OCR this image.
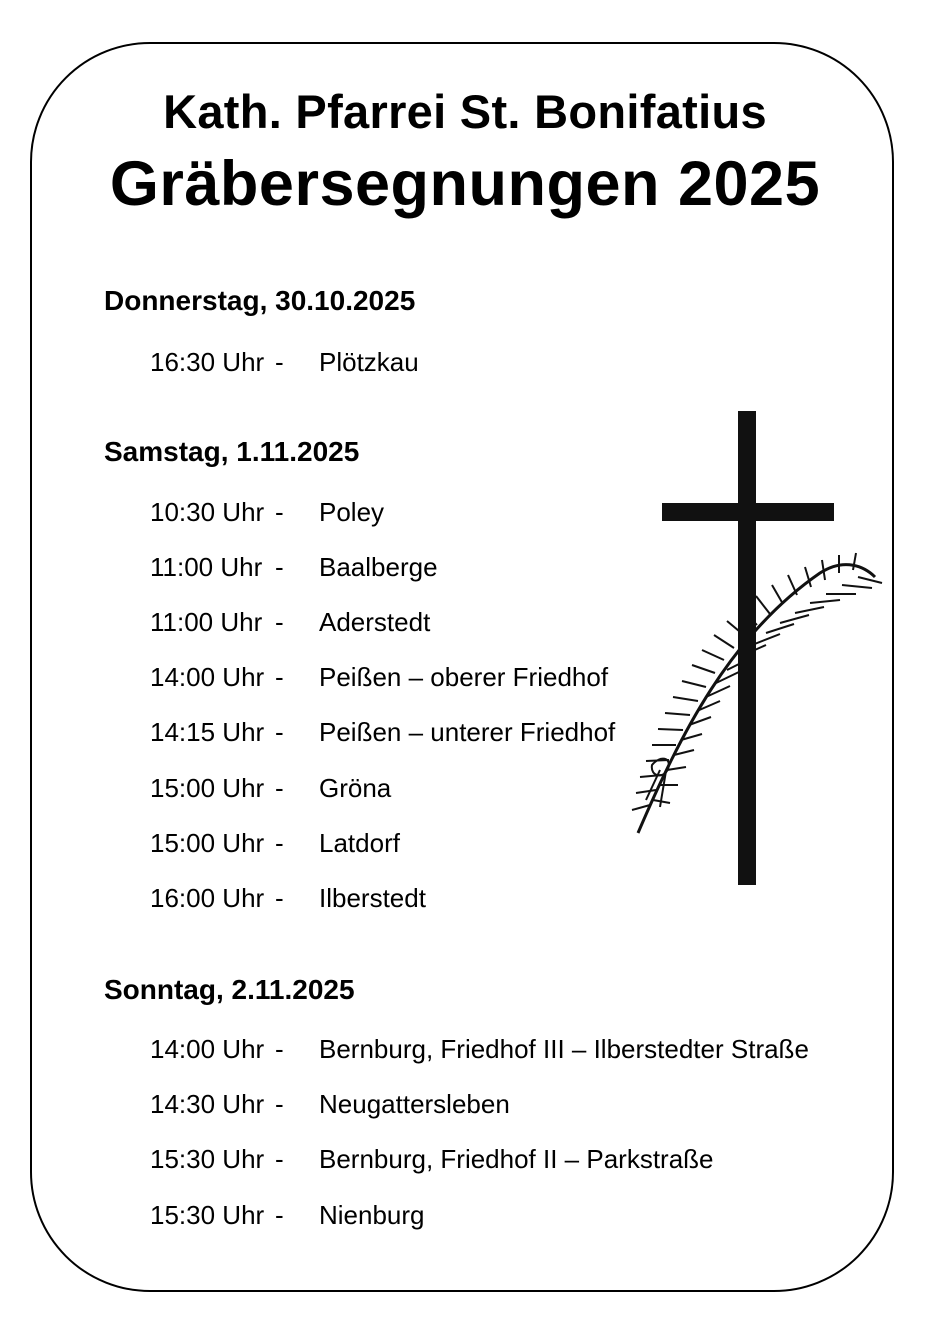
Kath. Pfarrei St. Bonifatius
Gräbersegnungen 2025
Donnerstag, 30.10.2025
16:30 Uhr - Plötzkau
Samstag, 1.11.2025
10:30 Uhr - Poley
11:00 Uhr - Baalberge
11:00 Uhr - Aderstedt
14:00 Uhr - Peißen – oberer Friedhof
14:15 Uhr - Peißen – unterer Friedhof
15:00 Uhr - Gröna
15:00 Uhr - Latdorf
16:00 Uhr - Ilberstedt
Sonntag, 2.11.2025
14:00 Uhr - Bernburg, Friedhof III – Ilberstedter Straße
14:30 Uhr - Neugattersleben
15:30 Uhr - Bernburg, Friedhof II – Parkstraße
15:30 Uhr - Nienburg
